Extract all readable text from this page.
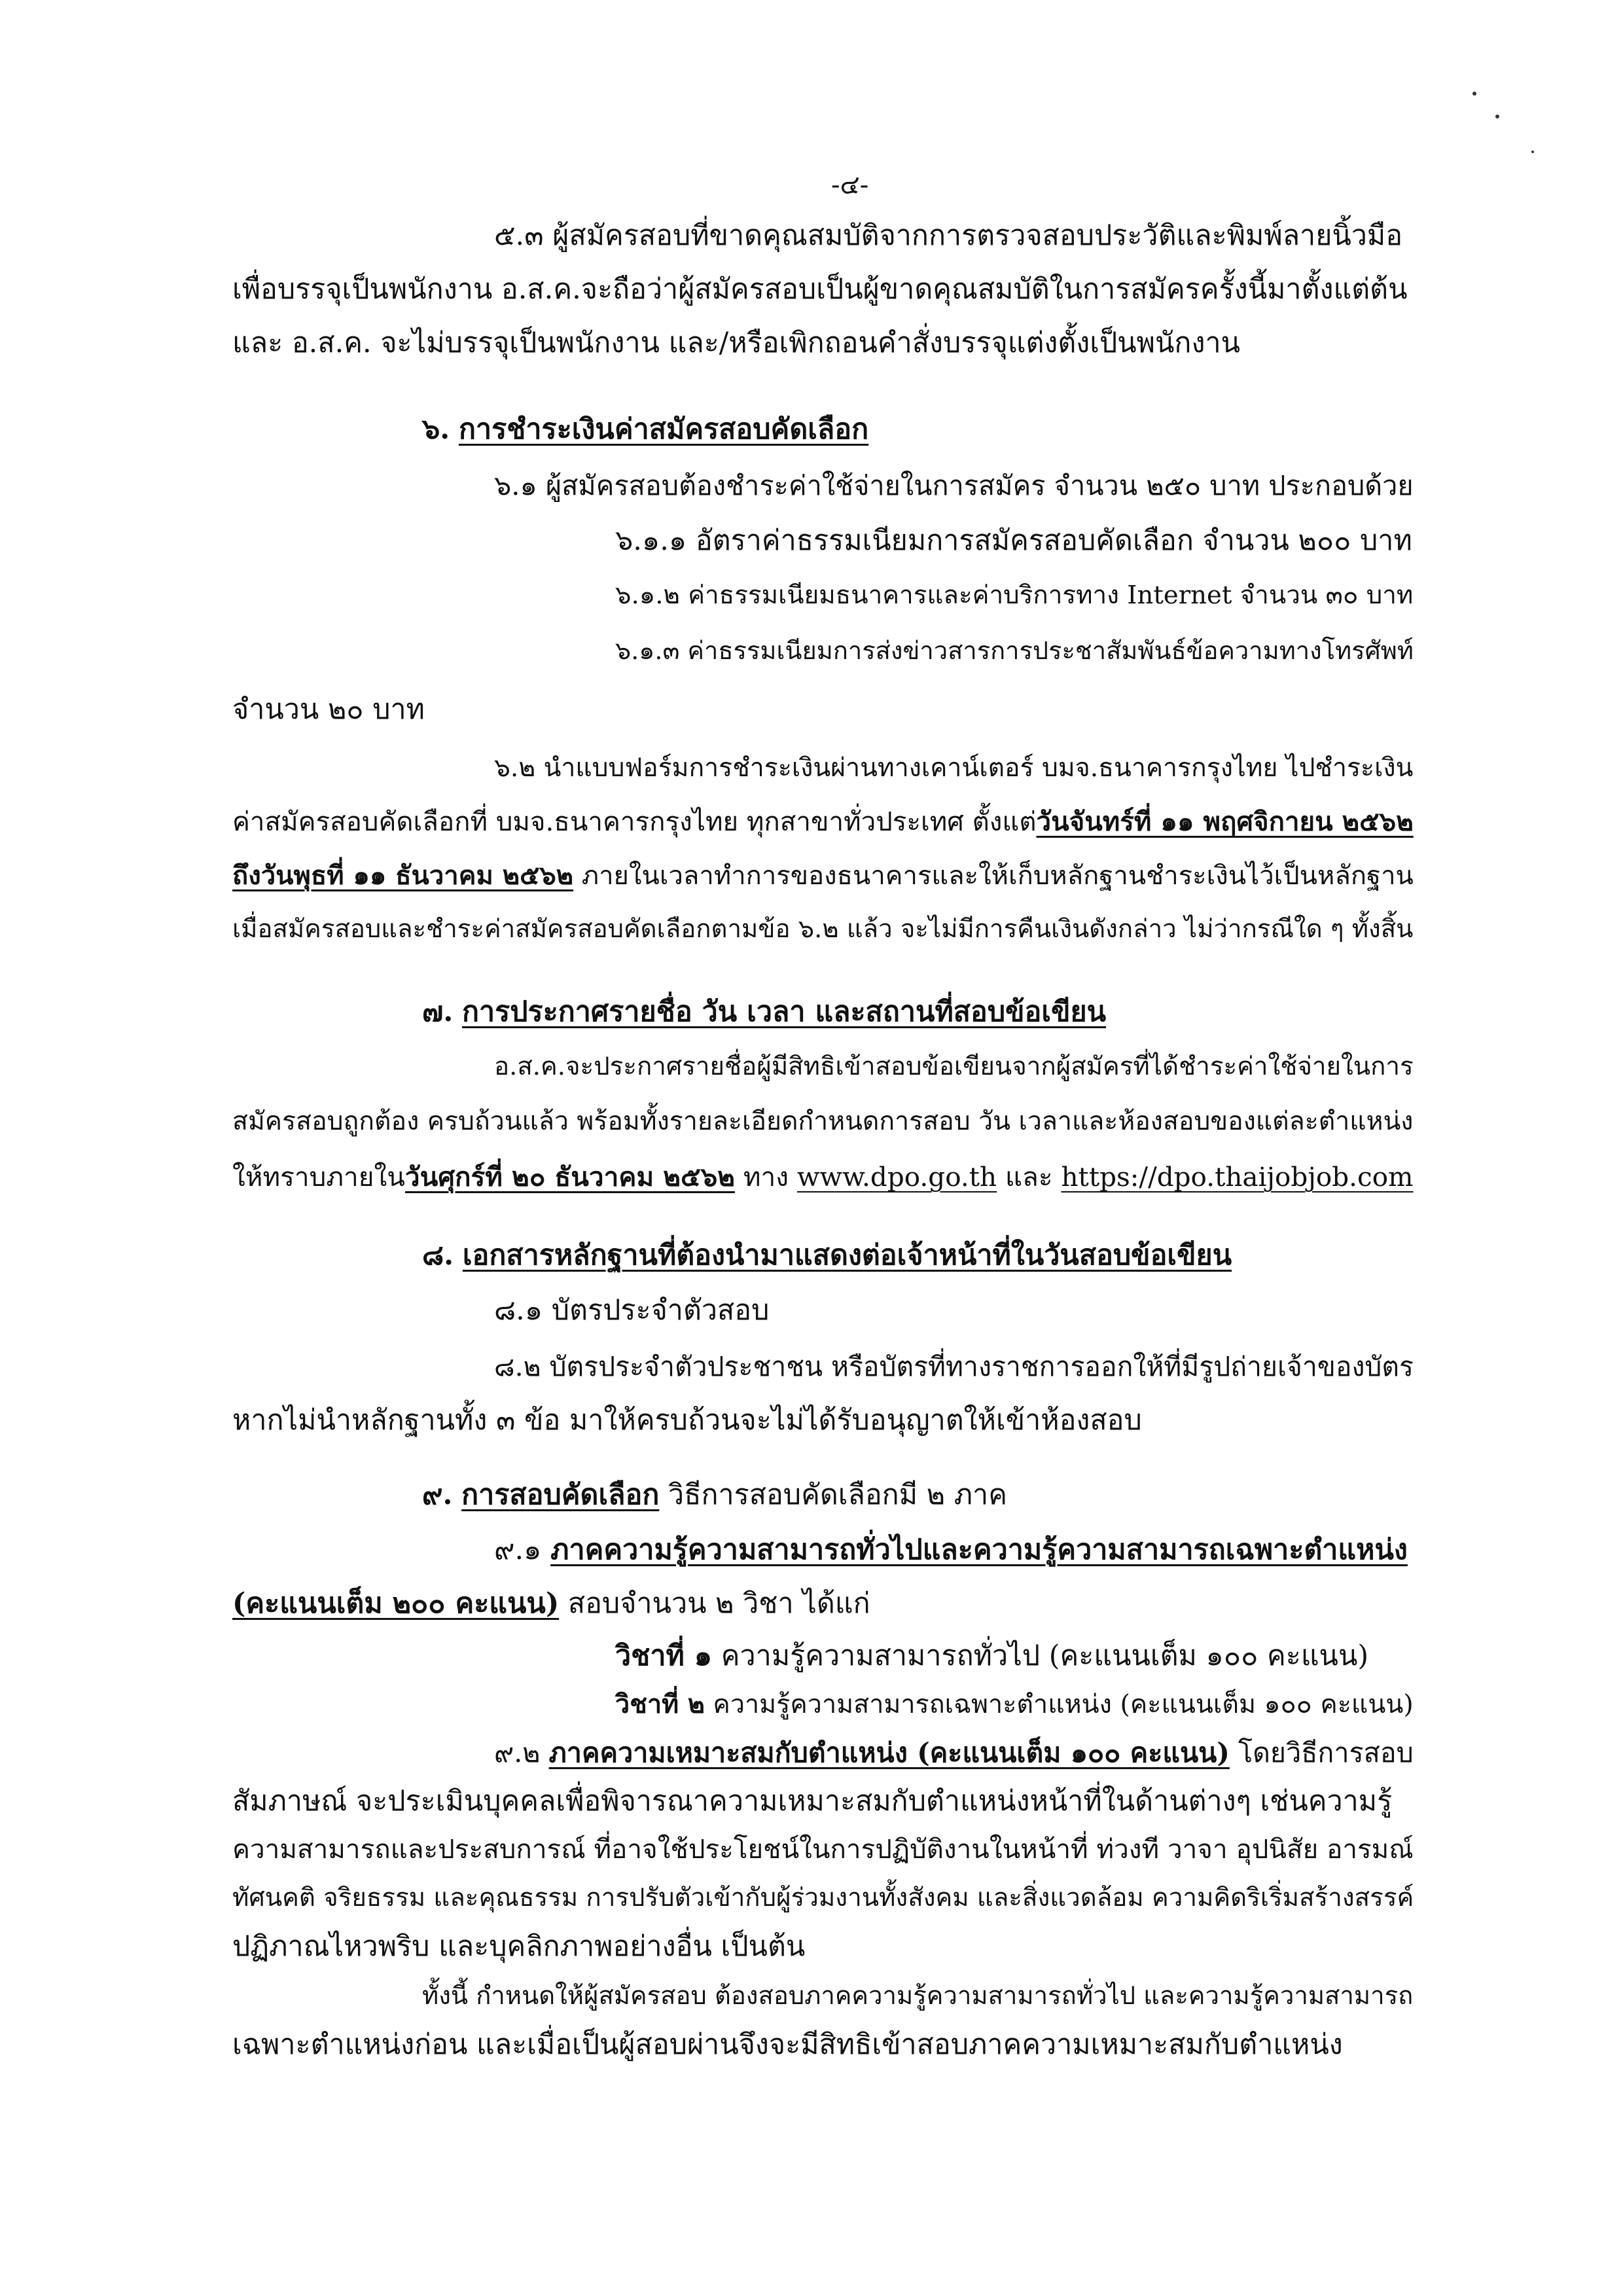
-๔-
๕.๓ ผู้สมัครสอบที่ขาดคุณสมบัติจากการตรวจสอบประวัติและพิมพ์ลายนิ้วมือ
เพื่อบรรจุเป็นพนักงาน อ.ส.ค.จะถือว่าผู้สมัครสอบเป็นผู้ขาดคุณสมบัติในการสมัครครั้งนี้มาตั้งแต่ต้น
และ อ.ส.ค. จะไม่บรรจุเป็นพนักงาน และ/หรือเพิกถอนคำสั่งบรรจุแต่งตั้งเป็นพนักงาน
๖. การชำระเงินค่าสมัครสอบคัดเลือก
๖.๑ ผู้สมัครสอบต้องชำระค่าใช้จ่ายในการสมัคร จำนวน ๒๕๐ บาท ประกอบด้วย
๖.๑.๑ อัตราค่าธรรมเนียมการสมัครสอบคัดเลือก จำนวน ๒๐๐ บาท
๖.๑.๒ ค่าธรรมเนียมธนาคารและค่าบริการทาง Internet จำนวน ๓๐ บาท
๖.๑.๓ ค่าธรรมเนียมการส่งข่าวสารการประชาสัมพันธ์ข้อความทางโทรศัพท์
จำนวน ๒๐ บาท
๖.๒ นำแบบฟอร์มการชำระเงินผ่านทางเคาน์เตอร์ บมจ.ธนาคารกรุงไทย ไปชำระเงิน
ค่าสมัครสอบคัดเลือกที่ บมจ.ธนาคารกรุงไทย ทุกสาขาทั่วประเทศ ตั้งแต่วันจันทร์ที่ ๑๑ พฤศจิกายน ๒๕๖๒
ถึงวันพุธที่ ๑๑ ธันวาคม ๒๕๖๒ ภายในเวลาทำการของธนาคารและให้เก็บหลักฐานชำระเงินไว้เป็นหลักฐาน
เมื่อสมัครสอบและชำระค่าสมัครสอบคัดเลือกตามข้อ ๖.๒ แล้ว จะไม่มีการคืนเงินดังกล่าว ไม่ว่ากรณีใด ๆ ทั้งสิ้น
๗. การประกาศรายชื่อ วัน เวลา และสถานที่สอบข้อเขียน
อ.ส.ค.จะประกาศรายชื่อผู้มีสิทธิเข้าสอบข้อเขียนจากผู้สมัครที่ได้ชำระค่าใช้จ่ายในการ
สมัครสอบถูกต้อง ครบถ้วนแล้ว พร้อมทั้งรายละเอียดกำหนดการสอบ วัน เวลาและห้องสอบของแต่ละตำแหน่ง
ให้ทราบภายในวันศุกร์ที่ ๒๐ ธันวาคม ๒๕๖๒ ทาง www.dpo.go.th และ https://dpo.thaijobjob.com
๘. เอกสารหลักฐานที่ต้องนำมาแสดงต่อเจ้าหน้าที่ในวันสอบข้อเขียน
๘.๑ บัตรประจำตัวสอบ
๘.๒ บัตรประจำตัวประชาชน หรือบัตรที่ทางราชการออกให้ที่มีรูปถ่ายเจ้าของบัตร
หากไม่นำหลักฐานทั้ง ๓ ข้อ มาให้ครบถ้วนจะไม่ได้รับอนุญาตให้เข้าห้องสอบ
๙. การสอบคัดเลือก วิธีการสอบคัดเลือกมี ๒ ภาค
๙.๑ ภาคความรู้ความสามารถทั่วไปและความรู้ความสามารถเฉพาะตำแหน่ง
(คะแนนเต็ม ๒๐๐ คะแนน) สอบจำนวน ๒ วิชา ได้แก่
วิชาที่ ๑ ความรู้ความสามารถทั่วไป (คะแนนเต็ม ๑๐๐ คะแนน)
วิชาที่ ๒ ความรู้ความสามารถเฉพาะตำแหน่ง (คะแนนเต็ม ๑๐๐ คะแนน)
๙.๒ ภาคความเหมาะสมกับตำแหน่ง (คะแนนเต็ม ๑๐๐ คะแนน) โดยวิธีการสอบ
สัมภาษณ์ จะประเมินบุคคลเพื่อพิจารณาความเหมาะสมกับตำแหน่งหน้าที่ในด้านต่างๆ เช่นความรู้
ความสามารถและประสบการณ์ ที่อาจใช้ประโยชน์ในการปฏิบัติงานในหน้าที่ ท่วงที วาจา อุปนิสัย อารมณ์
ทัศนคติ จริยธรรม และคุณธรรม การปรับตัวเข้ากับผู้ร่วมงานทั้งสังคม และสิ่งแวดล้อม ความคิดริเริ่มสร้างสรรค์
ปฏิภาณไหวพริบ และบุคลิกภาพอย่างอื่น เป็นต้น
ทั้งนี้ กำหนดให้ผู้สมัครสอบ ต้องสอบภาคความรู้ความสามารถทั่วไป และความรู้ความสามารถ
เฉพาะตำแหน่งก่อน และเมื่อเป็นผู้สอบผ่านจึงจะมีสิทธิเข้าสอบภาคความเหมาะสมกับตำแหน่ง
